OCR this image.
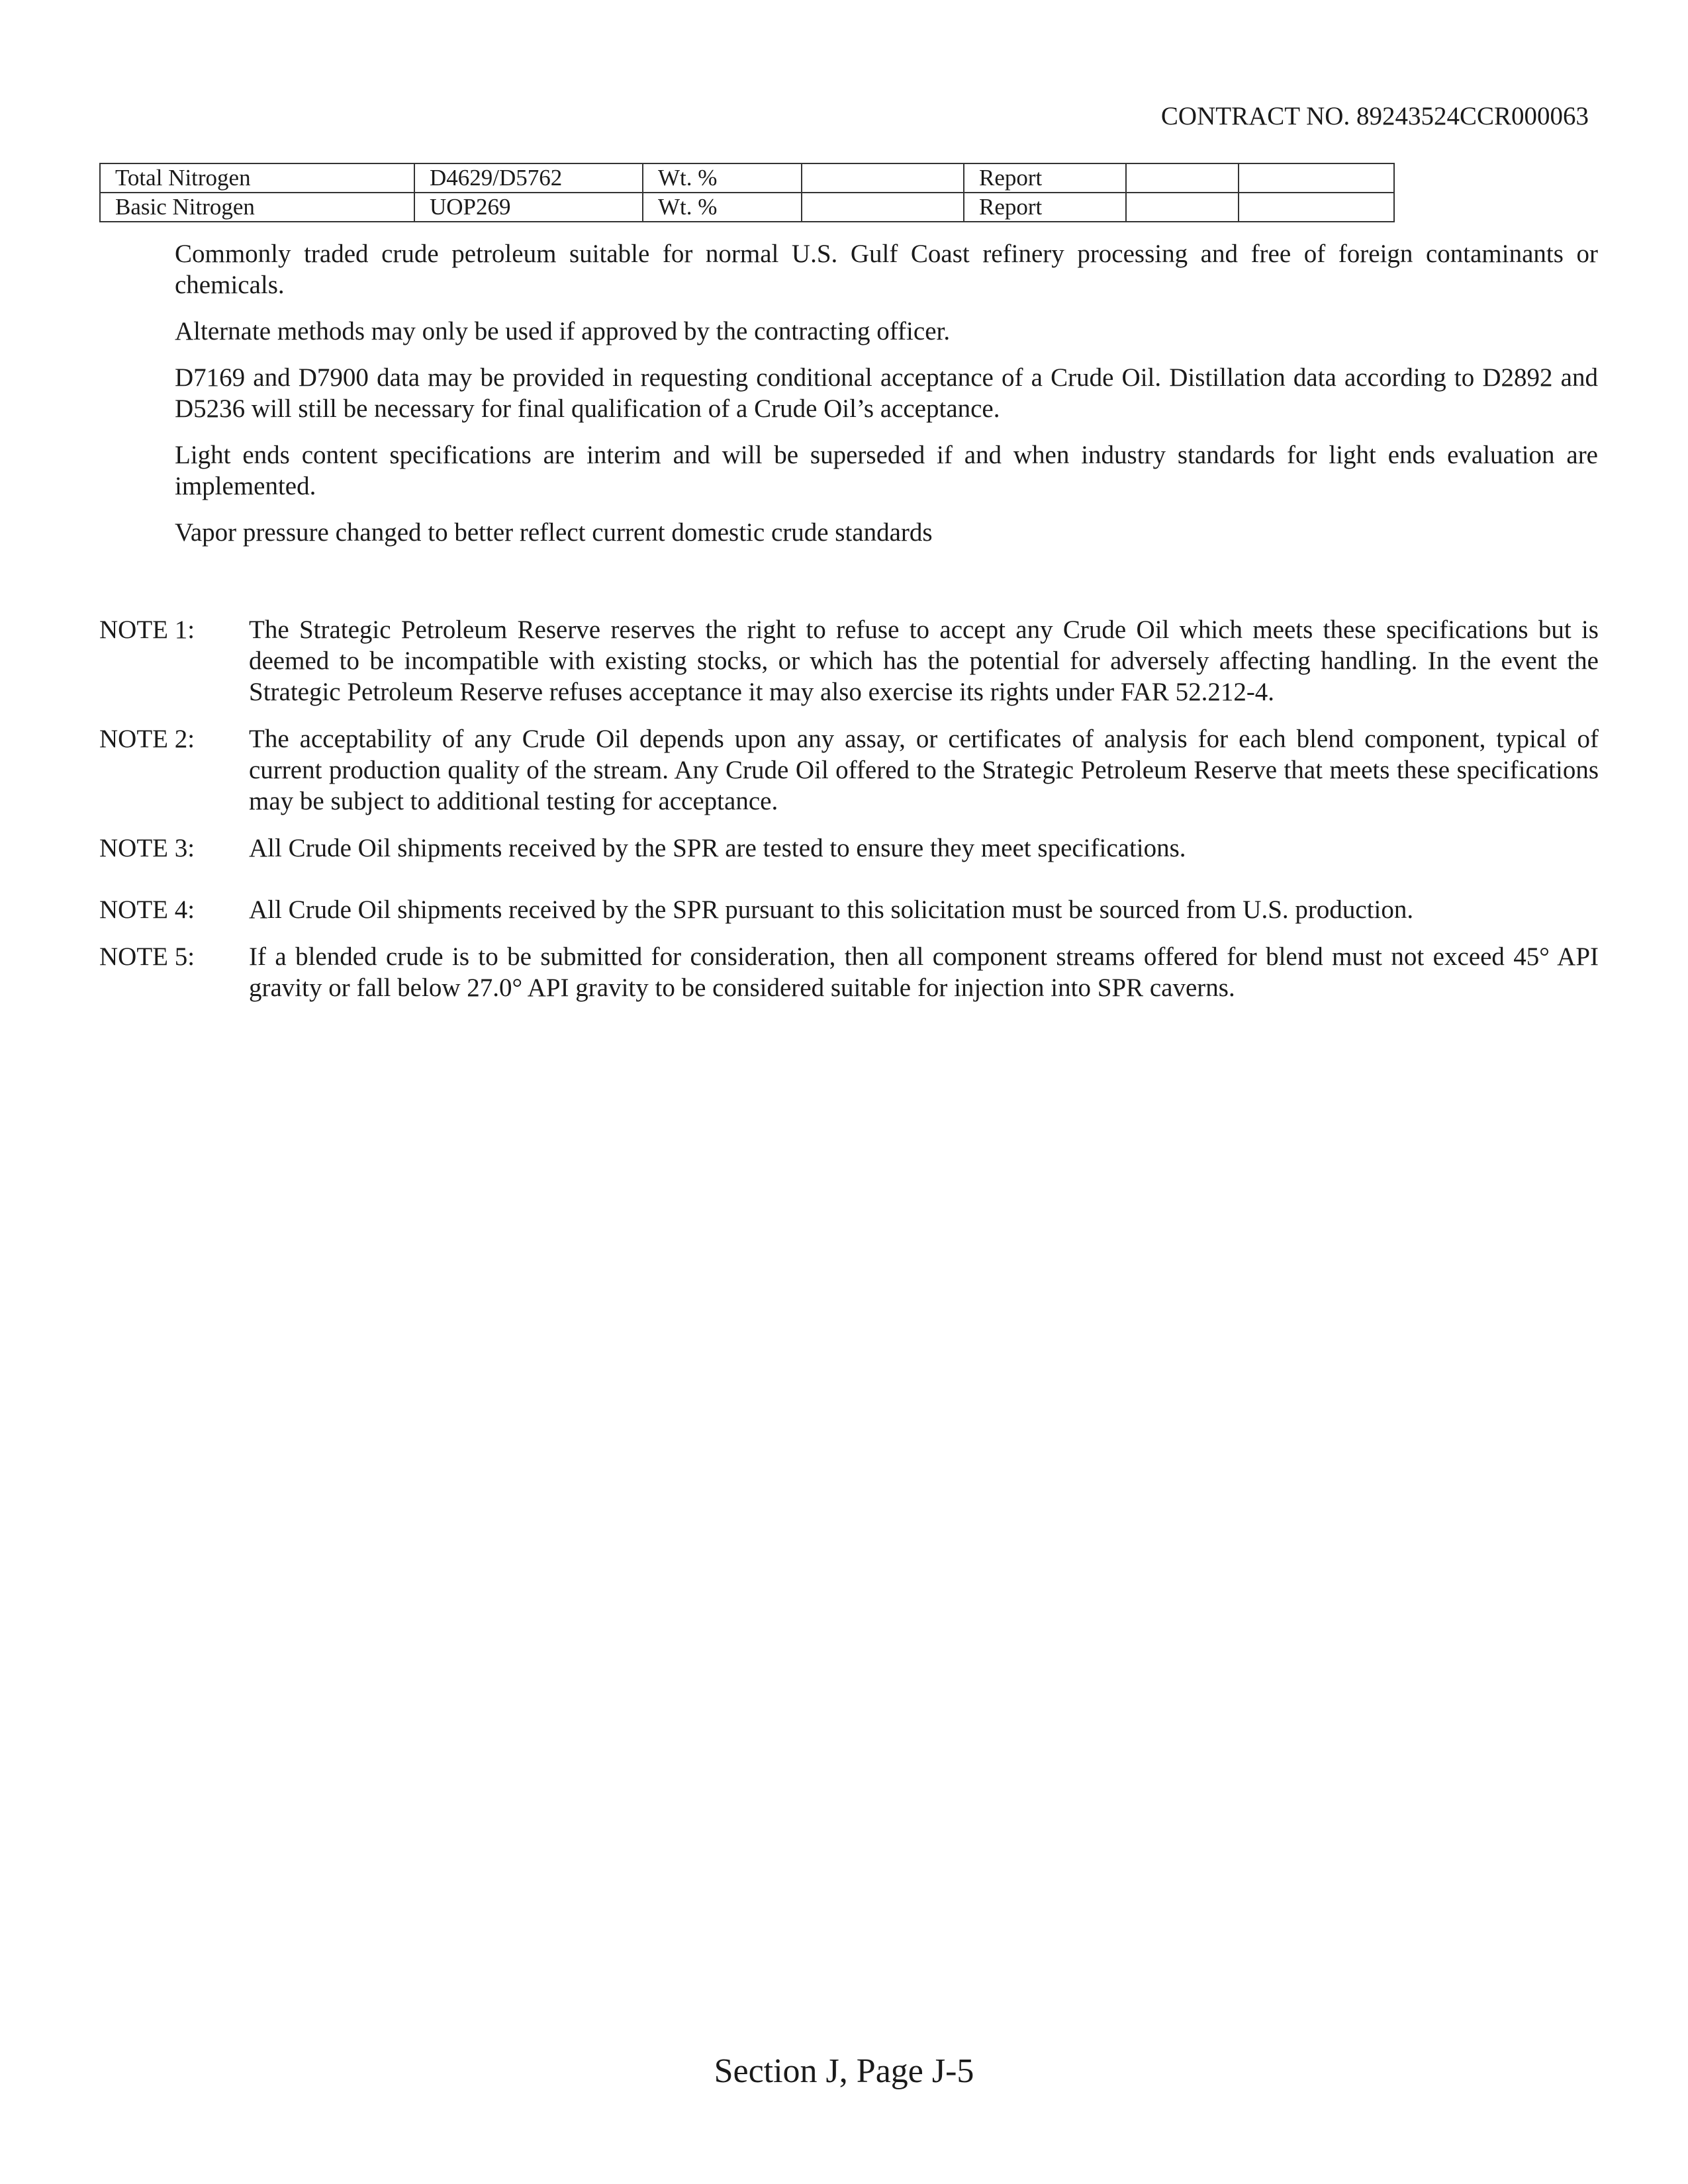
CONTRACT NO. 89243524CCR000063
Total Nitrogen	D4629/D5762	Wt. %		Report		
Basic Nitrogen	UOP269	Wt. %		Report		

Commonly traded crude petroleum suitable for normal U.S. Gulf Coast refinery processing and free of foreign contaminants or chemicals.

Alternate methods may only be used if approved by the contracting officer.

D7169 and D7900 data may be provided in requesting conditional acceptance of a Crude Oil. Distillation data according to D2892 and D5236 will still be necessary for final qualification of a Crude Oil’s acceptance.

Light ends content specifications are interim and will be superseded if and when industry standards for light ends evaluation are implemented.

Vapor pressure changed to better reflect current domestic crude standards

NOTE 1:	The Strategic Petroleum Reserve reserves the right to refuse to accept any Crude Oil which meets these specifications but is deemed to be incompatible with existing stocks, or which has the potential for adversely affecting handling. In the event the Strategic Petroleum Reserve refuses acceptance it may also exercise its rights under FAR 52.212-4.
NOTE 2:	The acceptability of any Crude Oil depends upon any assay, or certificates of analysis for each blend component, typical of current production quality of the stream. Any Crude Oil offered to the Strategic Petroleum Reserve that meets these specifications may be subject to additional testing for acceptance.
NOTE 3:	All Crude Oil shipments received by the SPR are tested to ensure they meet specifications.
NOTE 4:	All Crude Oil shipments received by the SPR pursuant to this solicitation must be sourced from U.S. production.
NOTE 5:	If a blended crude is to be submitted for consideration, then all component streams offered for blend must not exceed 45° API gravity or fall below 27.0° API gravity to be considered suitable for injection into SPR caverns.
Section J, Page J-5
